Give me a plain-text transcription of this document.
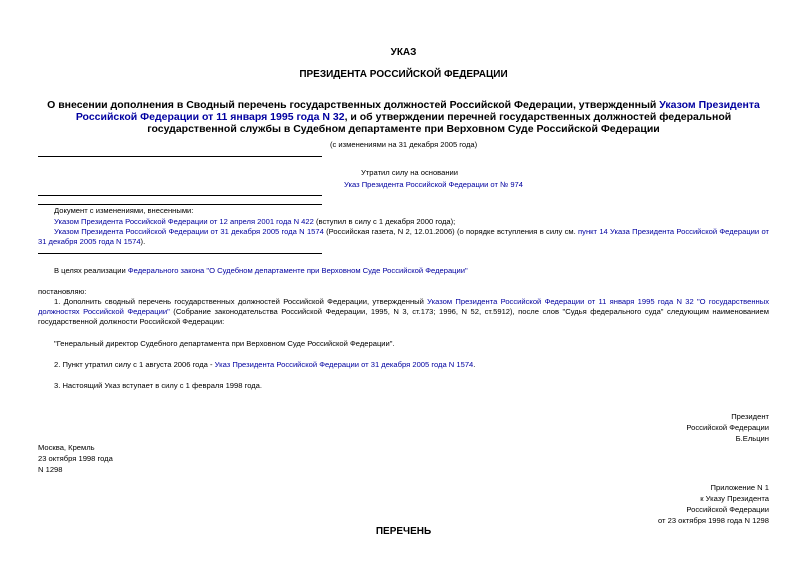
УКАЗ
ПРЕЗИДЕНТА РОССИЙСКОЙ ФЕДЕРАЦИИ
О внесении дополнения в Сводный перечень государственных должностей Российской Федерации, утвержденный Указом Президента Российской Федерации от 11 января 1995 года N 32, и об утверждении перечней государственных должностей федеральной государственной службы в Судебном департаменте при Верховном Суде Российской Федерации
(с изменениями на 31 декабря 2005 года)
Утратил силу на основании
Указ Президента Российской Федерации от № 974
Документ с изменениями, внесенными:
Указом Президента Российской Федерации от 12 апреля 2001 года N 422 (вступил в силу с 1 декабря 2000 года);
Указом Президента Российской Федерации от 31 декабря 2005 года N 1574 (Российская газета, N 2, 12.01.2006) (о порядке вступления в силу см. пункт 14 Указа Президента Российской Федерации от 31 декабря 2005 года N 1574).
В целях реализации Федерального закона "О Судебном департаменте при Верховном Суде Российской Федерации"
постановляю:
1. Дополнить сводный перечень государственных должностей Российской Федерации, утвержденный Указом Президента Российской Федерации от 11 января 1995 года N 32 "О государственных должностях Российской Федерации" (Собрание законодательства Российской Федерации, 1995, N 3, ст.173; 1996, N 52, ст.5912), после слов "Судья федерального суда" следующим наименованием государственной должности Российской Федерации:
"Генеральный директор Судебного департамента при Верховном Суде Российской Федерации".
2. Пункт утратил силу с 1 августа 2006 года - Указ Президента Российской Федерации от 31 декабря 2005 года N 1574.
3. Настоящий Указ вступает в силу с 1 февраля 1998 года.
Президент
Российской Федерации
Б.Ельцин
Москва, Кремль
23 октября 1998 года
N 1298
Приложение N 1
к Указу Президента
Российской Федерации
от 23 октября 1998 года N 1298
ПЕРЕЧЕНЬ
